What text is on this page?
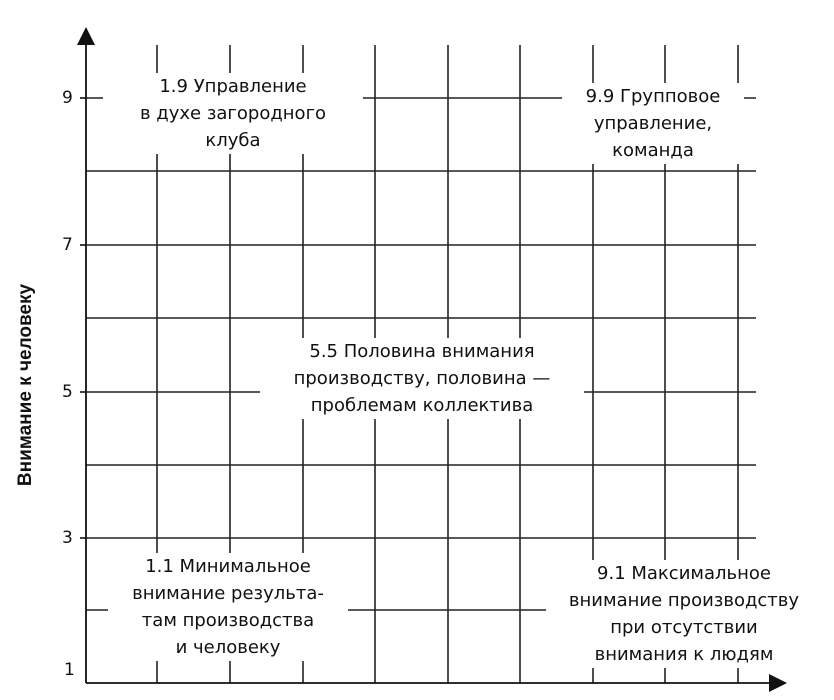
Внимание к человеку
9
7
5
3
1
1.9 Управление
в духе загородного
клуба
9.9 Групповое
управление,
команда
5.5 Половина внимания
производству, половина —
проблемам коллектива
1.1 Минимальное
внимание результа-
там производства
и человеку
9.1 Максимальное
внимание производству
при отсутствии
внимания к людям
